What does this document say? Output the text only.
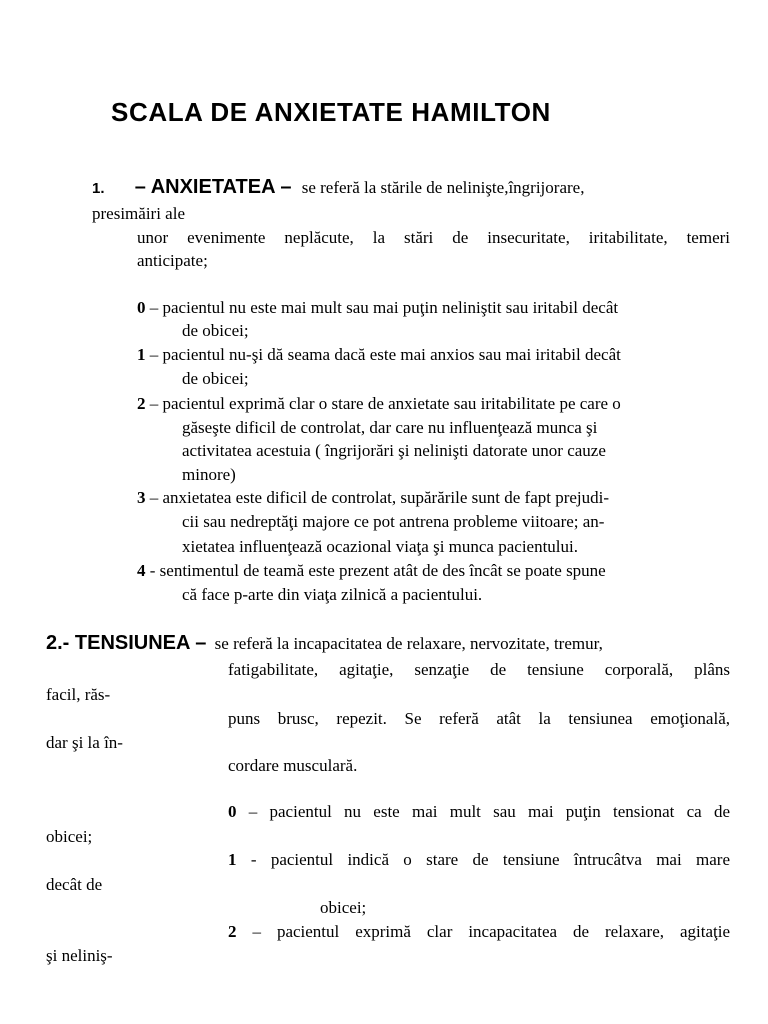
SCALA DE ANXIETATE HAMILTON
1. – ANXIETATEA – se referă la stările de nelinişte,îngrijorare,
presimăiri ale
unor evenimente neplăcute, la stări de insecuritate, iritabilitate, temeri
anticipate;
0 – pacientul nu este mai mult sau mai puţin neliniştit sau iritabil decât
de obicei;
1 – pacientul nu-şi dă seama dacă este mai anxios sau mai iritabil decât
de obicei;
2 – pacientul exprimă clar o stare de anxietate sau iritabilitate pe care o
găseşte dificil de controlat, dar care nu influenţează munca şi
activitatea acestuia ( îngrijorări şi nelinişti datorate unor cauze
minore)
3 – anxietatea este dificil de controlat, supărările sunt de fapt prejudi-
cii sau nedreptăţi majore ce pot antrena probleme viitoare; an-
xietatea influenţează ocazional viaţa şi munca pacientului.
4 - sentimentul de teamă este prezent atât de des încât se poate spune
că face p-arte din viaţa zilnică a pacientului.
2.- TENSIUNEA – se referă la incapacitatea de relaxare, nervozitate, tremur,
fatigabilitate, agitaţie, senzaţie de tensiune corporală, plâns
facil, răs-
puns brusc, repezit. Se referă atât la tensiunea emoţională,
dar şi la în-
cordare musculară.
0 – pacientul nu este mai mult sau mai puţin tensionat ca de
obicei;
1 - pacientul indică o stare de tensiune întrucâtva mai mare
decât de
obicei;
2 – pacientul exprimă clar incapacitatea de relaxare, agitaţie
şi neliniş-
